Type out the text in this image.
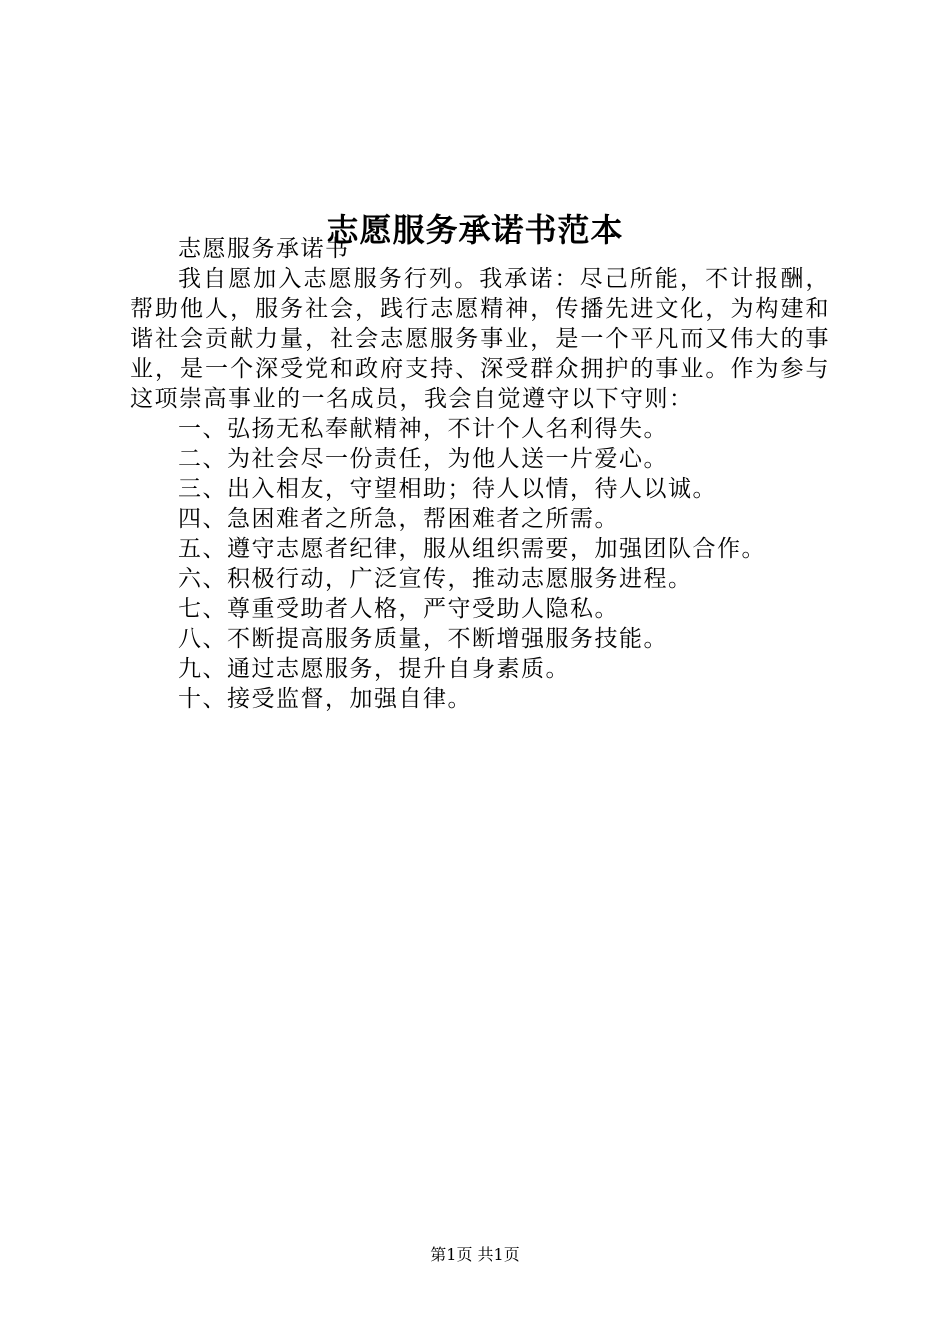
志愿服务承诺书范本

志愿服务承诺书

我自愿加入志愿服务行列。我承诺：尽己所能，不计报酬，帮助他人，服务社会，践行志愿精神，传播先进文化，为构建和谐社会贡献力量，社会志愿服务事业，是一个平凡而又伟大的事业，是一个深受党和政府支持、深受群众拥护的事业。作为参与这项崇高事业的一名成员，我会自觉遵守以下守则：

一、弘扬无私奉献精神，不计个人名利得失。
二、为社会尽一份责任，为他人送一片爱心。
三、出入相友，守望相助；待人以情，待人以诚。
四、急困难者之所急，帮困难者之所需。
五、遵守志愿者纪律，服从组织需要，加强团队合作。
六、积极行动，广泛宣传，推动志愿服务进程。
七、尊重受助者人格，严守受助人隐私。
八、不断提高服务质量，不断增强服务技能。
九、通过志愿服务，提升自身素质。
十、接受监督，加强自律。
第1页 共1页
